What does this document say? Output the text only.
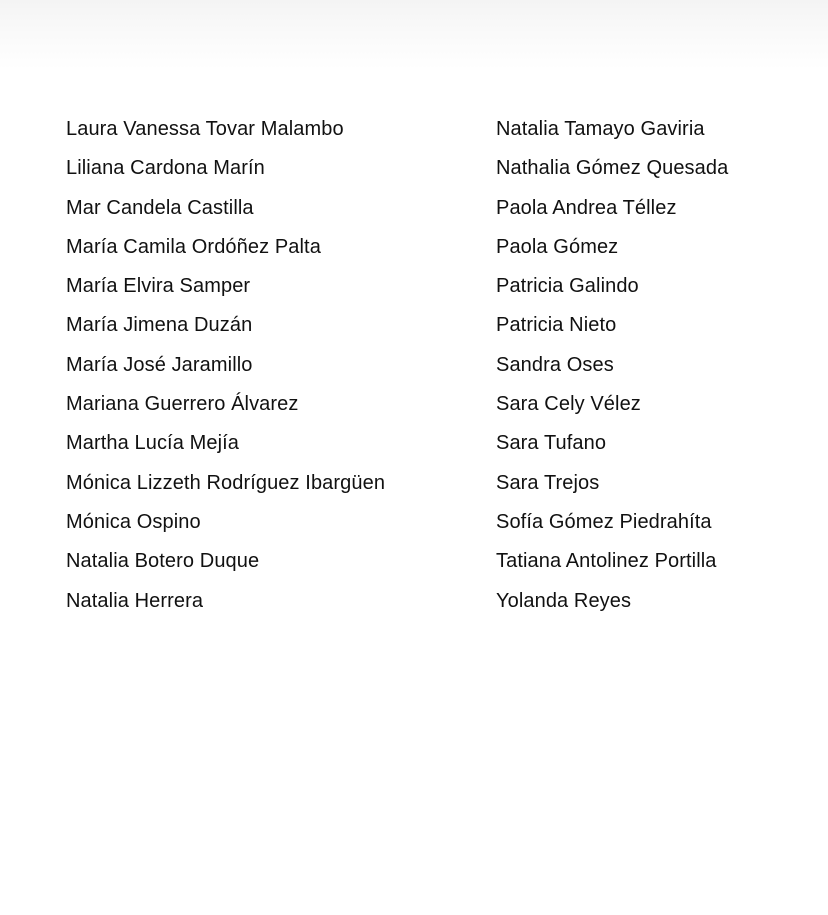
Laura Vanessa Tovar Malambo
Liliana Cardona Marín
Mar Candela Castilla
María Camila Ordóñez Palta
María Elvira Samper
María Jimena Duzán
María José Jaramillo
Mariana Guerrero Álvarez
Martha Lucía Mejía
Mónica Lizzeth Rodríguez Ibargüen
Mónica Ospino
Natalia Botero Duque
Natalia Herrera
Natalia Tamayo Gaviria
Nathalia Gómez Quesada
Paola Andrea Téllez
Paola Gómez
Patricia Galindo
Patricia Nieto
Sandra Oses
Sara Cely Vélez
Sara Tufano
Sara Trejos
Sofía Gómez Piedrahíta
Tatiana Antolinez Portilla
Yolanda Reyes
